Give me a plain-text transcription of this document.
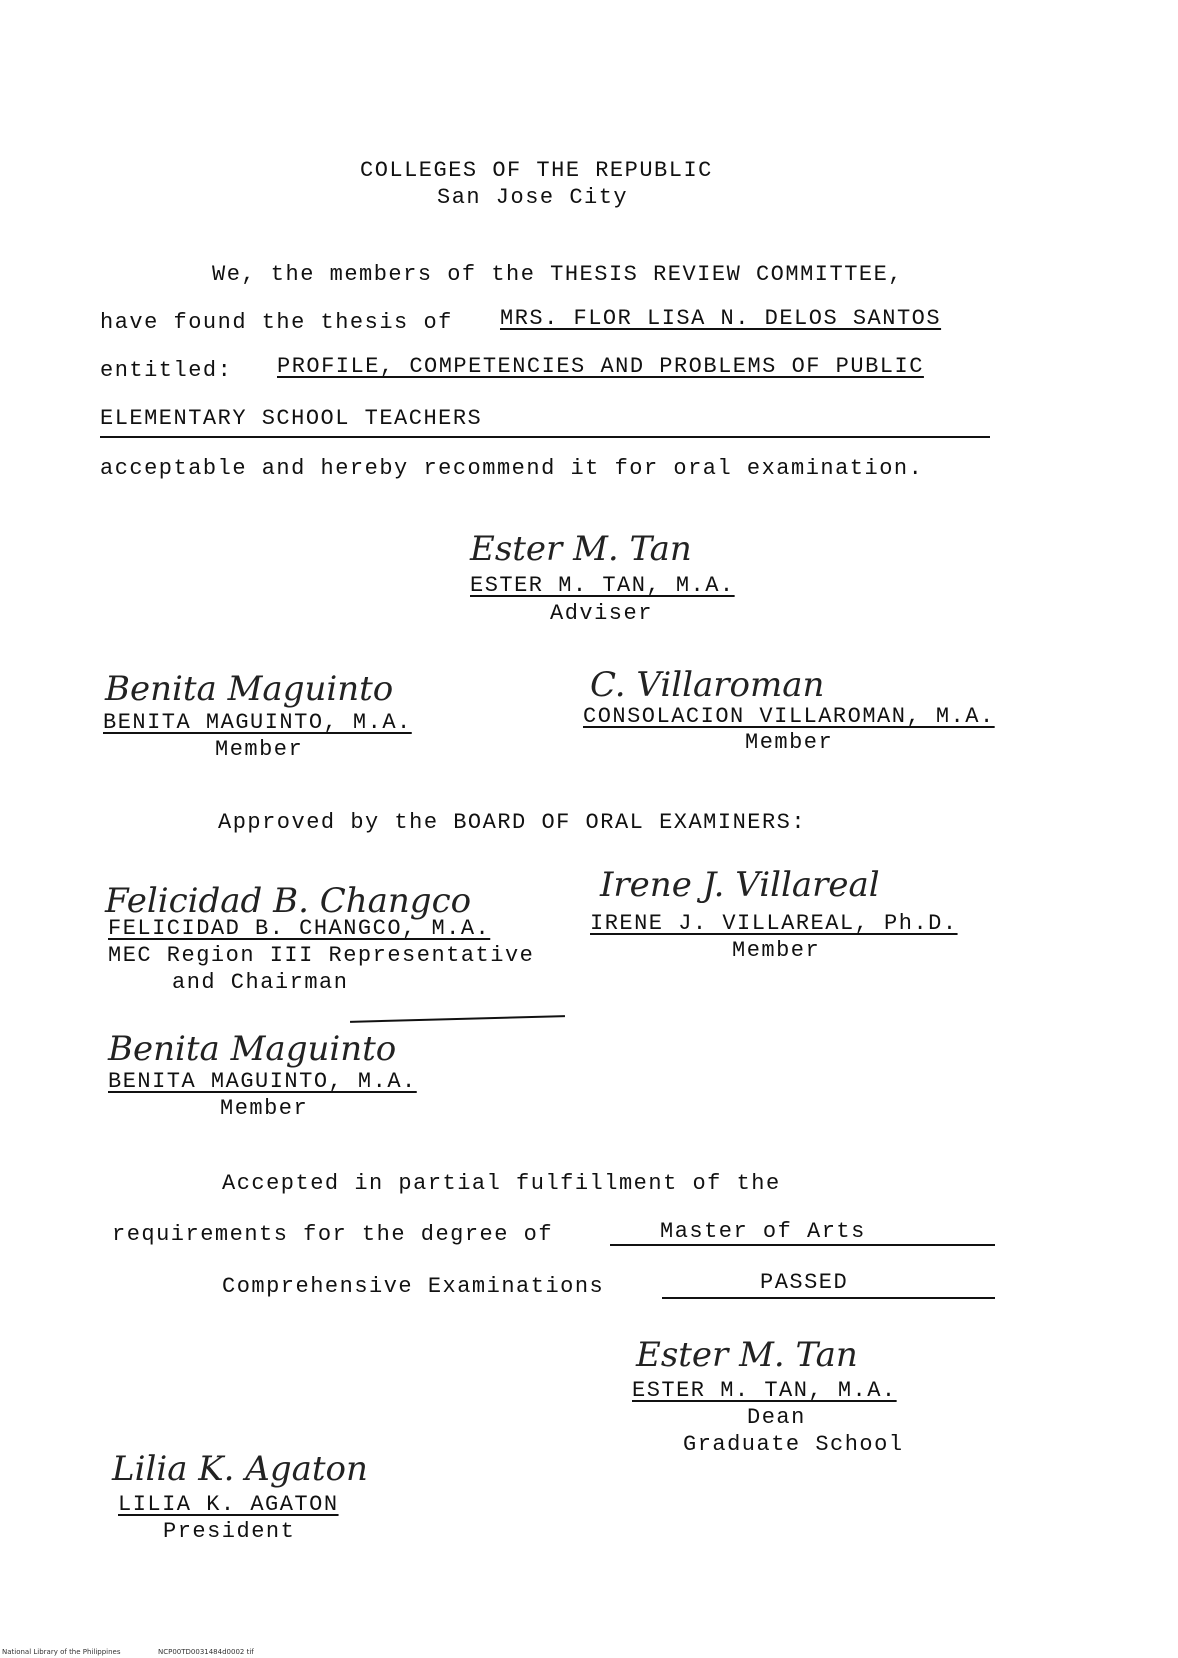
COLLEGES OF THE REPUBLIC
San Jose City
We, the members of the THESIS REVIEW COMMITTEE,
have found the thesis of MRS. FLOR LISA N. DELOS SANTOS
entitled: PROFILE, COMPETENCIES AND PROBLEMS OF PUBLIC
ELEMENTARY SCHOOL TEACHERS
acceptable and hereby recommend it for oral examination.
Ester M. Tan
ESTER M. TAN, M.A.
Adviser
Benita Maguinto
BENITA MAGUINTO, M.A.
Member
C. Villaroman
CONSOLACION VILLAROMAN, M.A.
Member
Approved by the BOARD OF ORAL EXAMINERS:
Felicidad B. Changco
FELICIDAD B. CHANGCO, M.A.
MEC Region III Representative
and Chairman
Irene J. Villareal
IRENE J. VILLAREAL, Ph.D.
Member
Benita Maguinto
BENITA MAGUINTO, M.A.
Member
Accepted in partial fulfillment of the
requirements for the degree of	Master of Arts
Comprehensive Examinations	PASSED
Ester M. Tan
ESTER M. TAN, M.A.
Dean
Graduate School
Lilia K. Agaton
LILIA K. AGATON
President
National Library of the Philippines	NCP00TD0031484d0002 tif
